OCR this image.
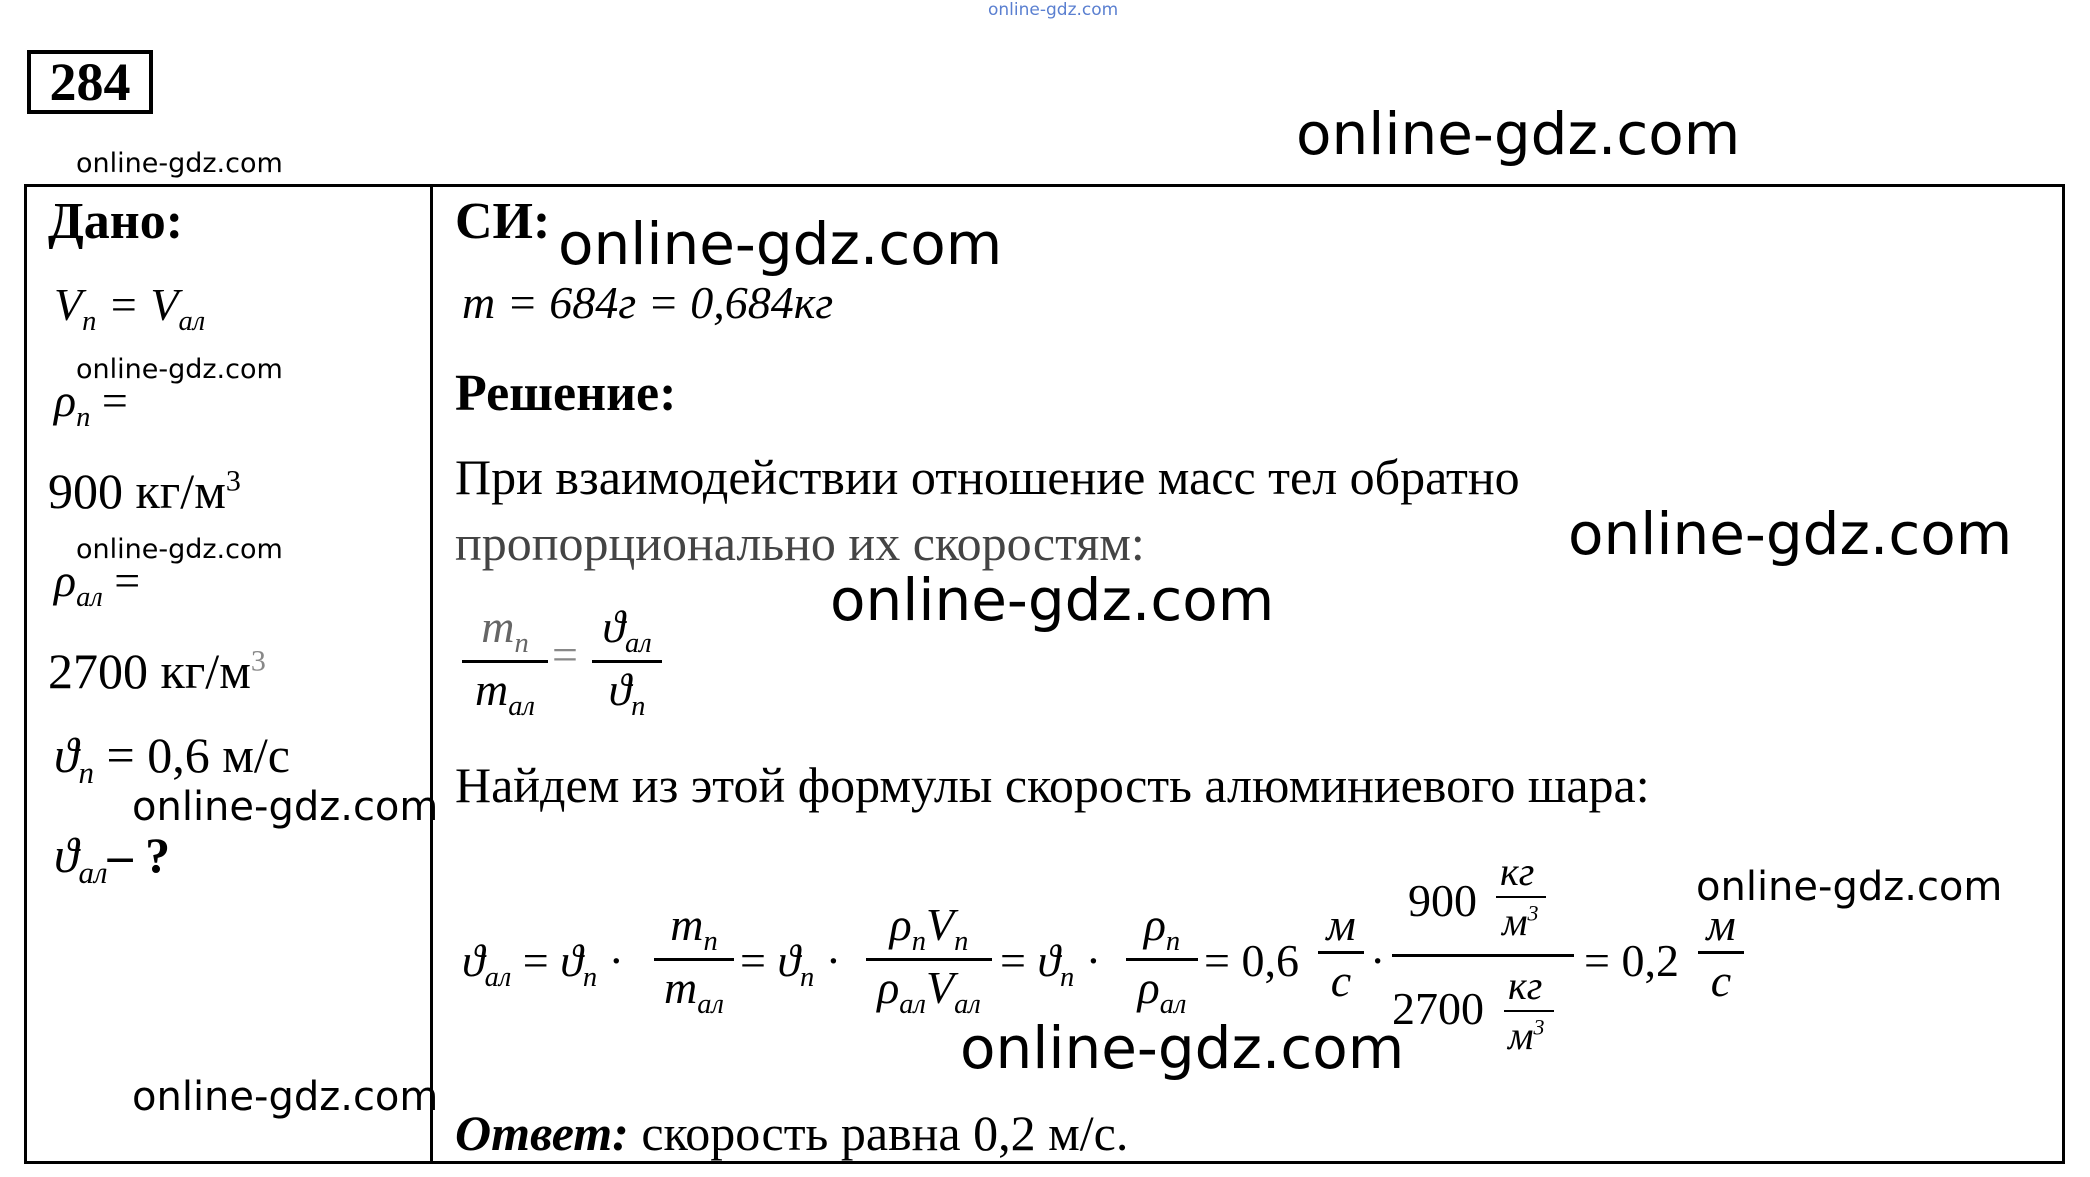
online-gdz.com
284
online-gdz.com	online-gdz.com
Дано:
$V_п = V_{ал}$
online-gdz.com
$\rho_п$ =
900 $кг/м^3$
online-gdz.com
$\rho_{ал}$ =
2700 $кг/м^3$
$ϑ_п = 0,6$ м/с
online-gdz.com
$ϑ_{ал}-$ ?
online-gdz.com
СИ: online-gdz.com
m = 684г = 0,684кг
Решение:
При взаимодействии отношение масс тел обратно
пропорционально их скоростям:	online-gdz.com
online-gdz.com
$m_п$
$m_{ал}$
=
$ϑ_{ал}$
$ϑ_п$
Найдем из этой формулы скорость алюминиевого шара:
online-gdz.com
$ϑ_{ал} = ϑ_п$ ·
$m_п$
$m_{ал}$
= $ϑ_п$ ·
$\rho_пV_п$
$\rho_{ал}V_{ал}$
= $ϑ_п$ ·
$\rho_п$
$\rho_{ал}$
= 0,6
м
с ·
900
кг
$м^3$
2700 кг
$м^3$
= 0,2
м
с
online-gdz.com
Ответ: скорость равна 0,2 м/с.
